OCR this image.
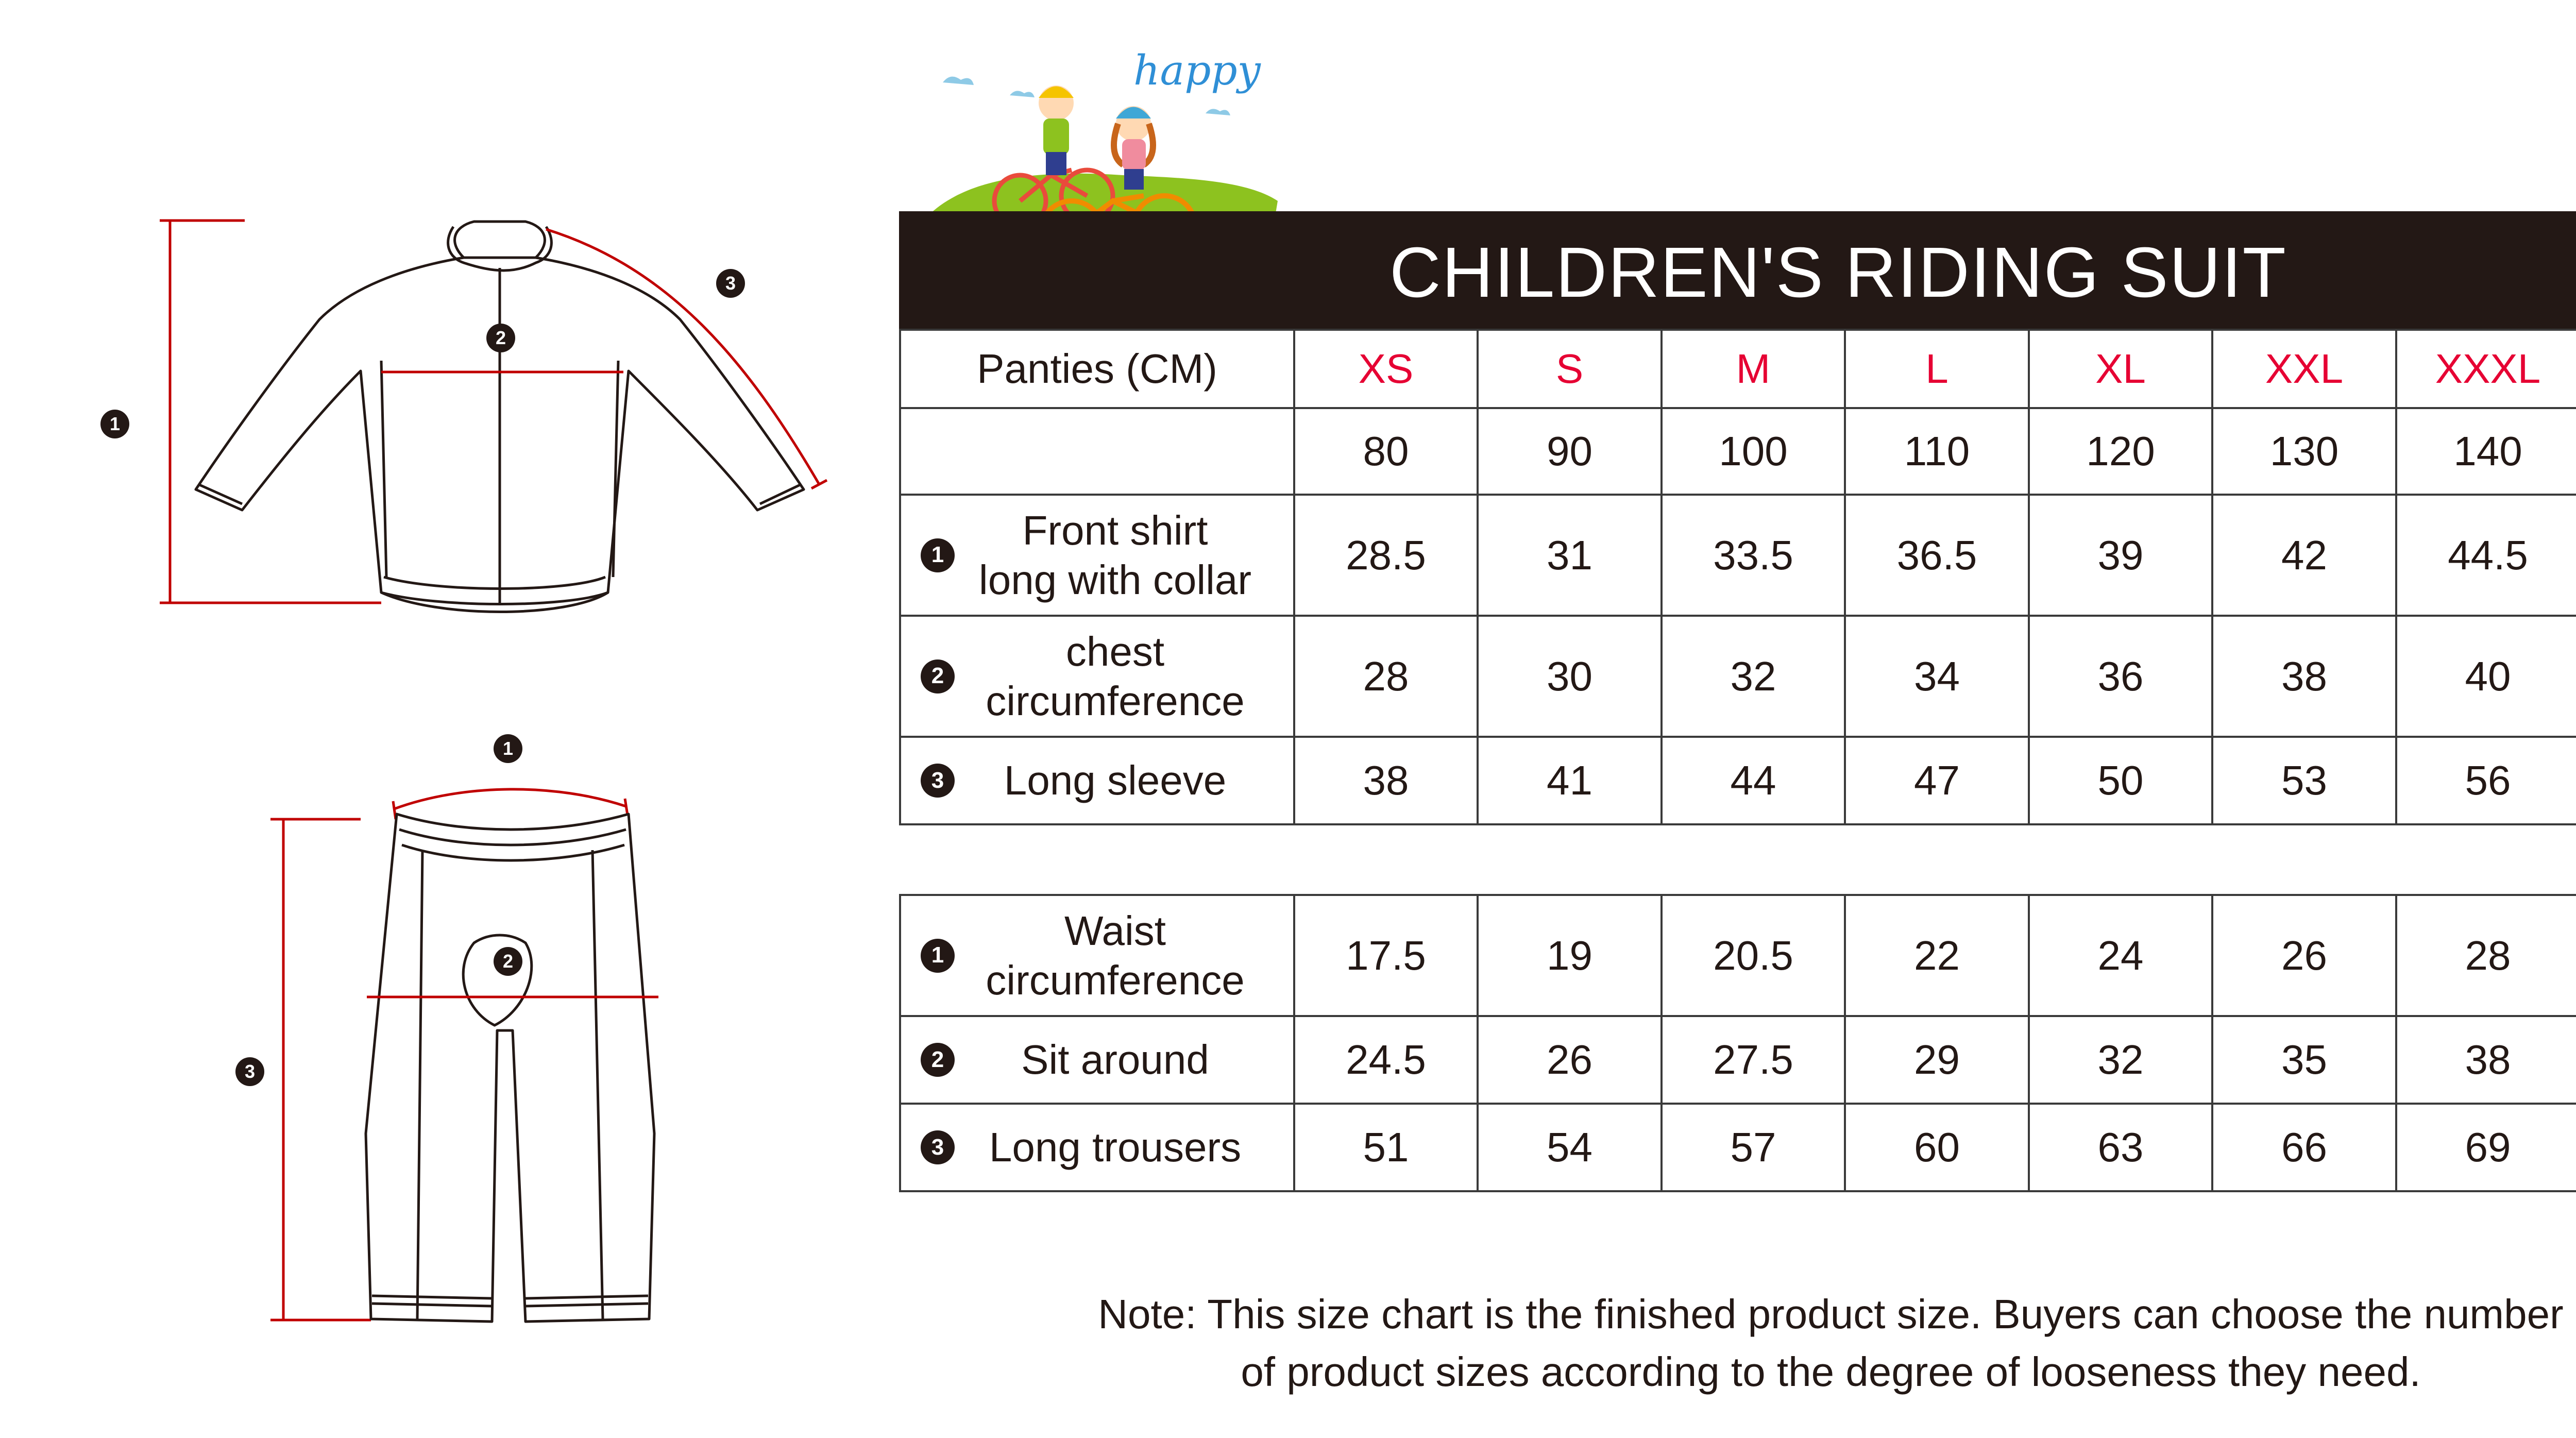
1
2
3
1
2
3
happy
CHILDREN'S RIDING SUIT
Panties (CM)	XS	S	M	L	XL	XXL	XXXL	
	80	90	100	110	120	130	140	

1
Front shirt
long with collar	28.5	31	33.5	36.5	39	42	44.5	

2
chest
circumference	28	30	32	34	36	38	40	

3 Long sleeve	38	41	44	47	50	53	56	
1
Waist
circumference	17.5	19	20.5	22	24	26	28	

2 Sit around	24.5	26	27.5	29	32	35	38	

3 Long trousers	51	54	57	60	63	66	69	
Note: This size chart is the finished product size. Buyers can choose the number
of product sizes according to the degree of looseness they need.
